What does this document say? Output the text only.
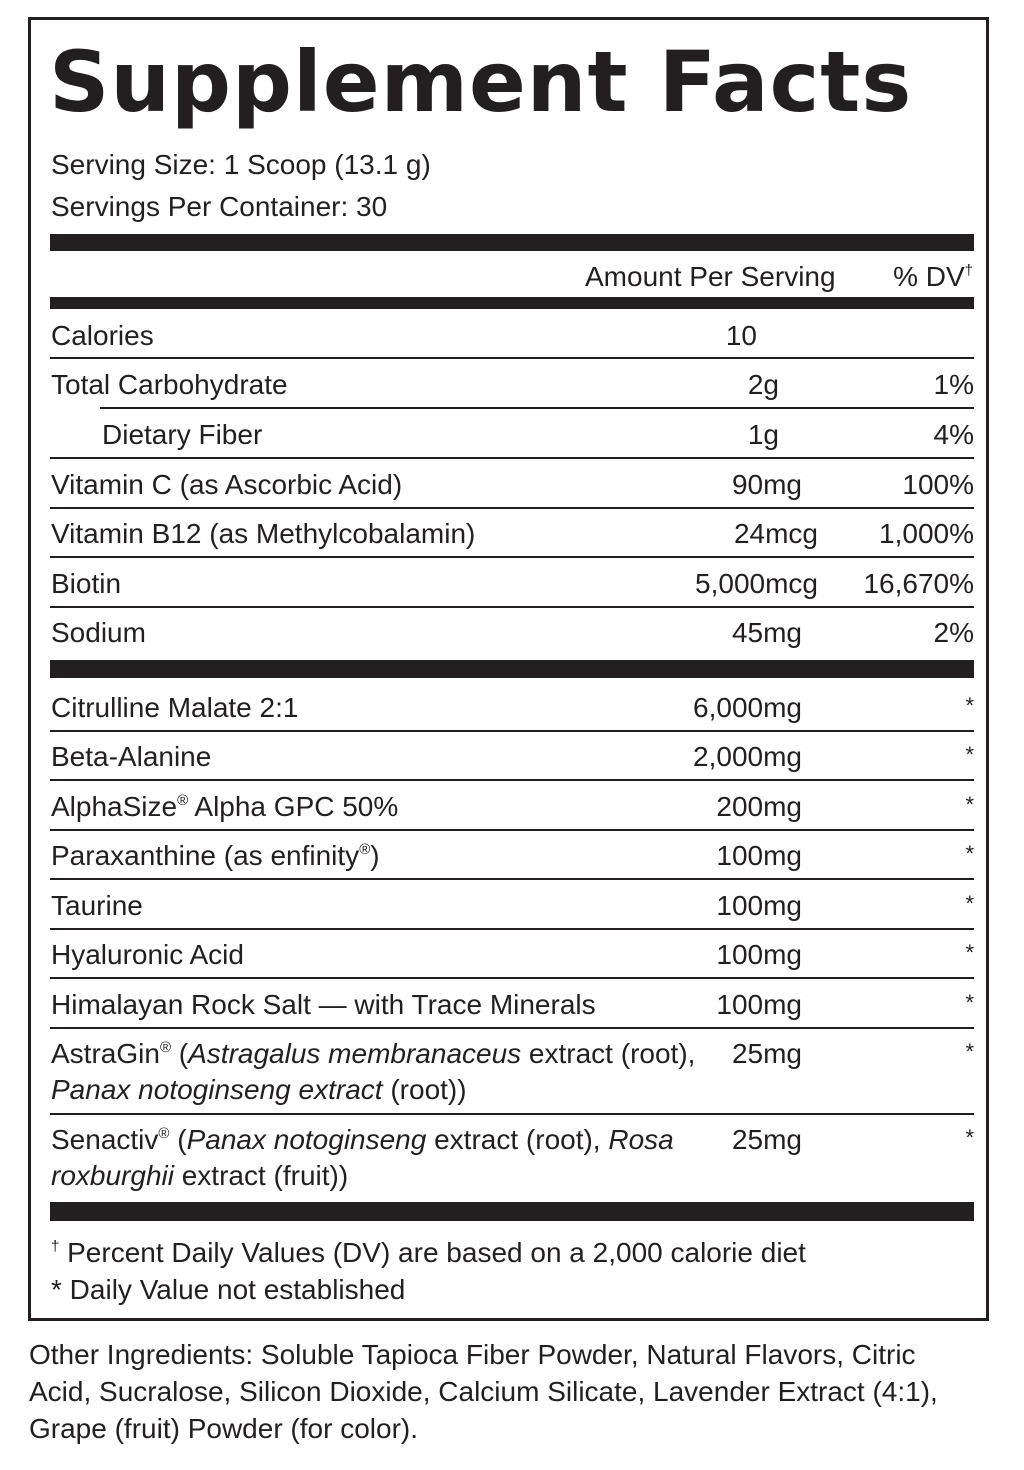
Supplement Facts
Serving Size: 1 Scoop (13.1 g)
Servings Per Container: 30
Amount Per Serving % DV†
Calories	10
Total Carbohydrate	2g	1%
Dietary Fiber	1g	4%
Vitamin C (as Ascorbic Acid)	90mg	100%
Vitamin B12 (as Methylcobalamin)	24mcg 1,000%
Biotin	5,000mcg 16,670%
Sodium	45mg	2%
Citrulline Malate 2:1	6,000mg	*
Beta-Alanine	2,000mg	*
AlphaSize® Alpha GPC 50%	200mg	*
Paraxanthine (as enfinity®)	100mg	*
Taurine	100mg	*
Hyaluronic Acid	100mg	*
Himalayan Rock Salt — with Trace Minerals	100mg	*
AstraGin® (Astragalus membranaceus extract (root), Panax notoginseng extract (root))
25mg	*
Senactiv® (Panax notoginseng extract (root), Rosa roxburghii extract (fruit))
25mg	*
† Percent Daily Values (DV) are based on a 2,000 calorie diet
* Daily Value not established
Other Ingredients: Soluble Tapioca Fiber Powder, Natural Flavors, Citric Acid, Sucralose, Silicon Dioxide, Calcium Silicate, Lavender Extract (4:1), Grape (fruit) Powder (for color).
